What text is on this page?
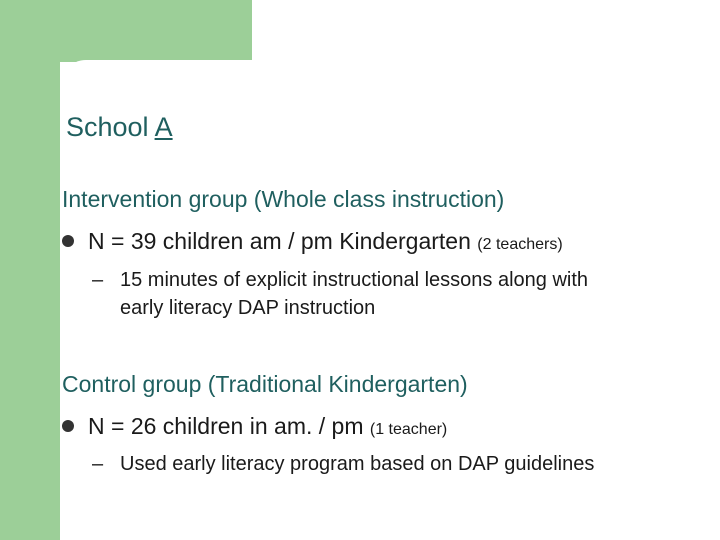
School A
Intervention group (Whole class instruction)
N = 39 children am / pm Kindergarten (2 teachers)
– 15 minutes of explicit instructional lessons along with
early literacy DAP instruction
Control group (Traditional Kindergarten)
N = 26 children in am. / pm (1 teacher)
– Used early literacy program based on DAP guidelines
